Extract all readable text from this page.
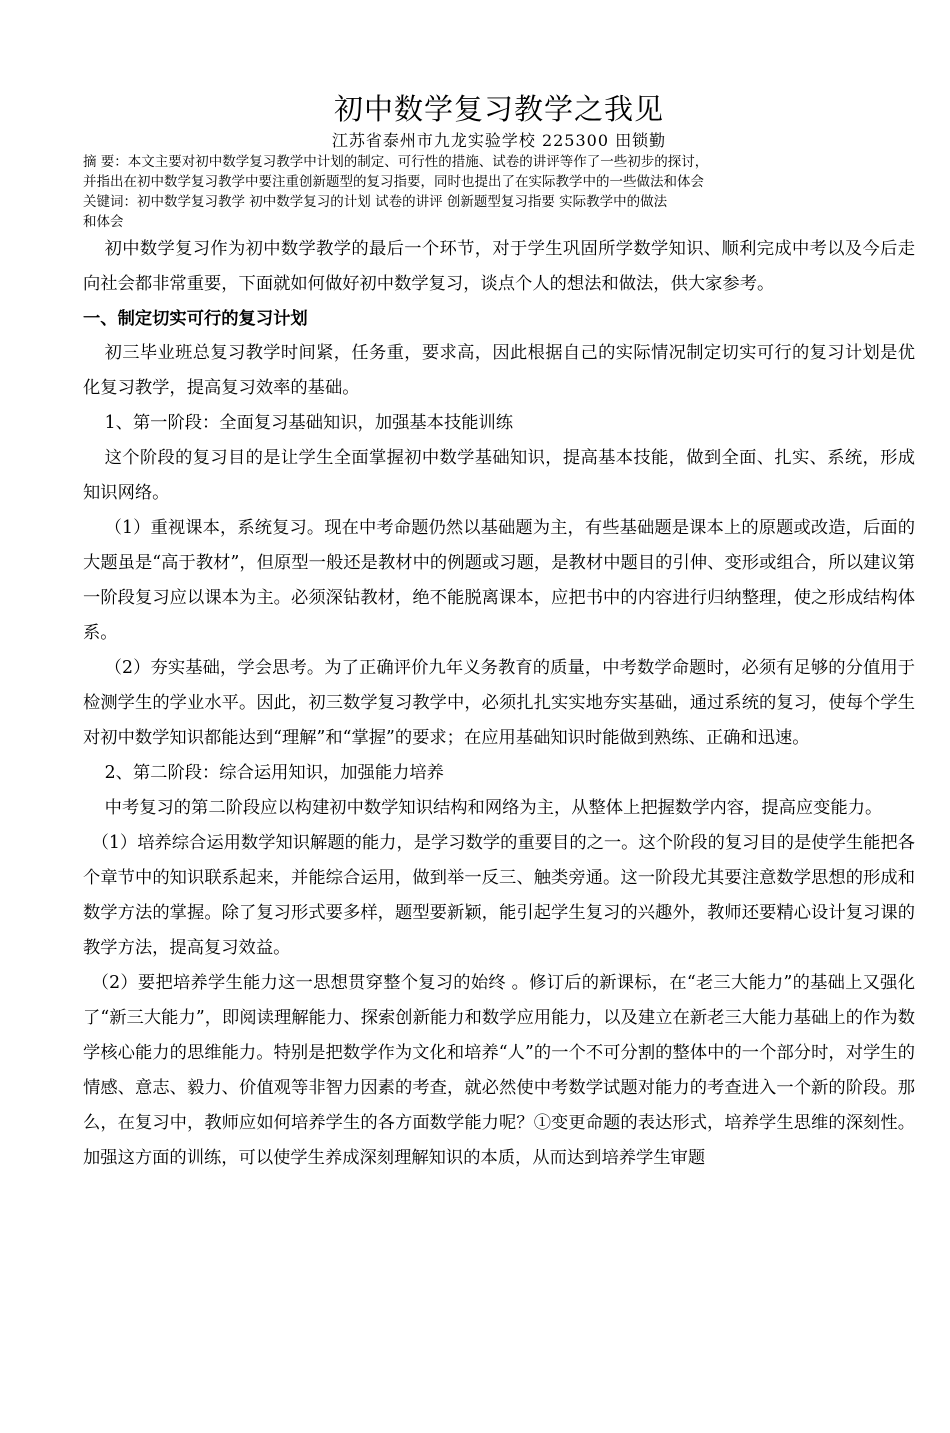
初中数学复习教学之我见

江苏省泰州市九龙实验学校 225300 田锁勤

摘 要：本文主要对初中数学复习教学中计划的制定、可行性的措施、试卷的讲评等作了一些初步的探讨，

并指出在初中数学复习教学中要注重创新题型的复习指要，同时也提出了在实际教学中的一些做法和体会

关键词：初中数学复习教学 初中数学复习的计划 试卷的讲评 创新题型复习指要 实际教学中的做法

和体会

初中数学复习作为初中数学教学的最后一个环节，对于学生巩固所学数学知识、顺利完成中考以及今后走向社会都非常重要，下面就如何做好初中数学复习，谈点个人的想法和做法，供大家参考。

一、制定切实可行的复习计划

初三毕业班总复习教学时间紧，任务重，要求高，因此根据自己的实际情况制定切实可行的复习计划是优化复习教学，提高复习效率的基础。

1、第一阶段：全面复习基础知识，加强基本技能训练

这个阶段的复习目的是让学生全面掌握初中数学基础知识，提高基本技能，做到全面、扎实、系统，形成知识网络。

（1）重视课本，系统复习。现在中考命题仍然以基础题为主，有些基础题是课本上的原题或改造，后面的大题虽是“高于教材”，但原型一般还是教材中的例题或习题，是教材中题目的引伸、变形或组合，所以建议第一阶段复习应以课本为主。必须深钻教材，绝不能脱离课本，应把书中的内容进行归纳整理，使之形成结构体系。

（2）夯实基础，学会思考。为了正确评价九年义务教育的质量，中考数学命题时，必须有足够的分值用于检测学生的学业水平。因此，初三数学复习教学中，必须扎扎实实地夯实基础，通过系统的复习，使每个学生对初中数学知识都能达到“理解”和“掌握”的要求；在应用基础知识时能做到熟练、正确和迅速。

2、第二阶段：综合运用知识，加强能力培养

中考复习的第二阶段应以构建初中数学知识结构和网络为主，从整体上把握数学内容，提高应变能力。

（1）培养综合运用数学知识解题的能力，是学习数学的重要目的之一。这个阶段的复习目的是使学生能把各个章节中的知识联系起来，并能综合运用，做到举一反三、触类旁通。这一阶段尤其要注意数学思想的形成和数学方法的掌握。除了复习形式要多样，题型要新颖，能引起学生复习的兴趣外，教师还要精心设计复习课的教学方法，提高复习效益。

（2）要把培养学生能力这一思想贯穿整个复习的始终 。修订后的新课标，在“老三大能力”的基础上又强化了“新三大能力”，即阅读理解能力、探索创新能力和数学应用能力，以及建立在新老三大能力基础上的作为数学核心能力的思维能力。特别是把数学作为文化和培养“人”的一个不可分割的整体中的一个部分时，对学生的情感、意志、毅力、价值观等非智力因素的考查，就必然使中考数学试题对能力的考查进入一个新的阶段。那么，在复习中，教师应如何培养学生的各方面数学能力呢？①变更命题的表达形式，培养学生思维的深刻性。加强这方面的训练，可以使学生养成深刻理解知识的本质，从而达到培养学生审题
